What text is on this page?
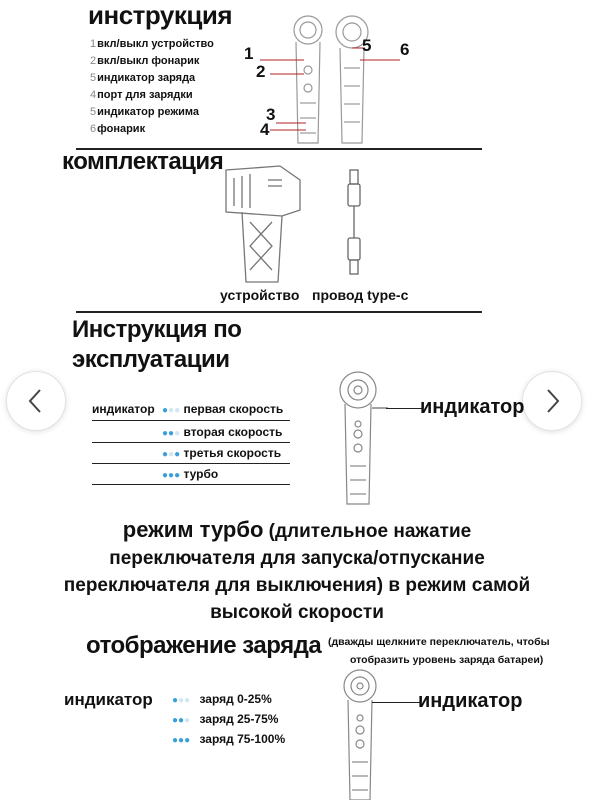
инструкция
1вкл/выкл устройство
2вкл/выкл фонарик
5индикатор заряда
4порт для зарядки
5индикатор режима
6фонарик
1
2
3
4
5 6
комплектация
устройство провод type-c
Инструкция по
эксплуатации
индикатор ●●● первая скорость
●●● вторая скорость
●●● третья скорость
●●● турбо
индикатор
режим турбо (длительное нажатие
переключателя для запуска/отпускание
переключателя для выключения) в режим самой
высокой скорости
отображение заряда (дважды щелкните переключатель, чтобы
отобразить уровень заряда батареи)
индикатор ●●● заряд 0-25%
●●● заряд 25-75%
●●● заряд 75-100%
индикатор
